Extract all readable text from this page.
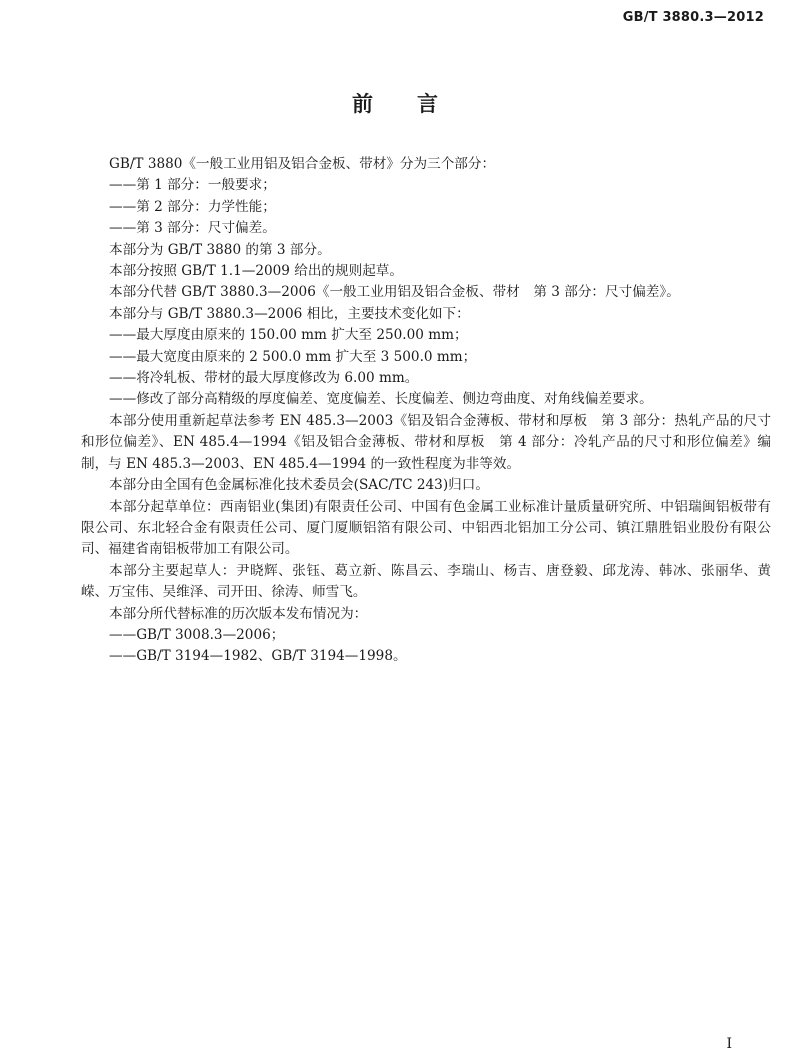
GB/T 3880.3—2012
前言

GB/T 3880《一般工业用铝及铝合金板、带材》分为三个部分：

——第 1 部分：一般要求；

——第 2 部分：力学性能；

——第 3 部分：尺寸偏差。

本部分为 GB/T 3880 的第 3 部分。

本部分按照 GB/T 1.1—2009 给出的规则起草。

本部分代替 GB/T 3880.3—2006《一般工业用铝及铝合金板、带材　第 3 部分：尺寸偏差》。

本部分与 GB/T 3880.3—2006 相比，主要技术变化如下：

——最大厚度由原来的 150.00 mm 扩大至 250.00 mm；

——最大宽度由原来的 2 500.0 mm 扩大至 3 500.0 mm；

——将冷轧板、带材的最大厚度修改为 6.00 mm。

——修改了部分高精级的厚度偏差、宽度偏差、长度偏差、侧边弯曲度、对角线偏差要求。

本部分使用重新起草法参考 EN 485.3—2003《铝及铝合金薄板、带材和厚板　第 3 部分：热轧产品的尺寸和形位偏差》、EN 485.4—1994《铝及铝合金薄板、带材和厚板　第 4 部分：冷轧产品的尺寸和形位偏差》编制，与 EN 485.3—2003、EN 485.4—1994 的一致性程度为非等效。

本部分由全国有色金属标准化技术委员会(SAC/TC 243)归口。

本部分起草单位：西南铝业(集团)有限责任公司、中国有色金属工业标准计量质量研究所、中铝瑞闽铝板带有限公司、东北轻合金有限责任公司、厦门厦顺铝箔有限公司、中铝西北铝加工分公司、镇江鼎胜铝业股份有限公司、福建省南铝板带加工有限公司。

本部分主要起草人：尹晓辉、张钰、葛立新、陈昌云、李瑞山、杨吉、唐登毅、邱龙涛、韩冰、张丽华、黄嵘、万宝伟、吴维泽、司开田、徐涛、师雪飞。

本部分所代替标准的历次版本发布情况为：

——GB/T 3008.3—2006；

——GB/T 3194—1982、GB/T 3194—1998。

I
